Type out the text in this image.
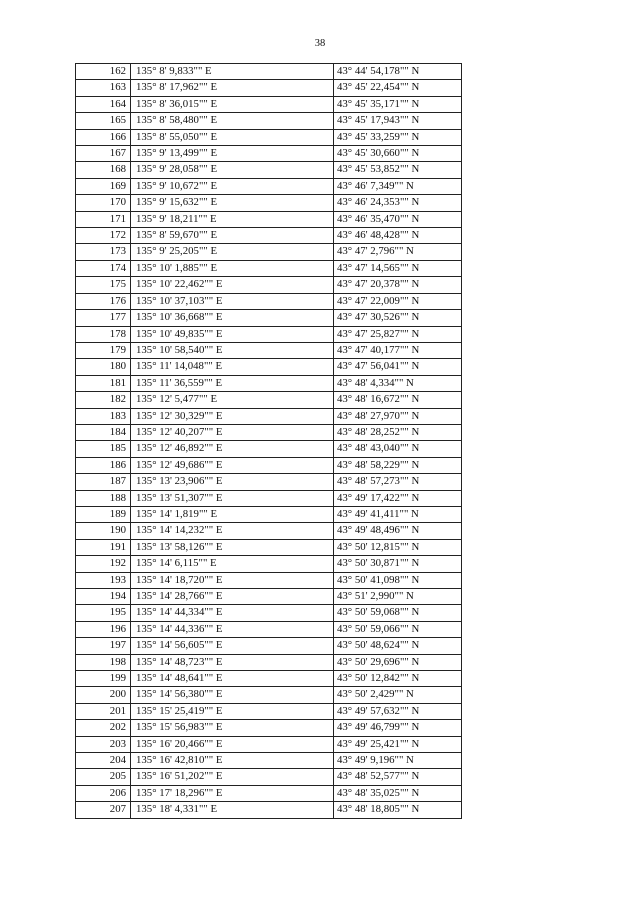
38
162	135° 8' 9,833"" E	43° 44' 54,178"" N
163	135° 8' 17,962"" E	43° 45' 22,454"" N
164	135° 8' 36,015"" E	43° 45' 35,171"" N
165	135° 8' 58,480"" E	43° 45' 17,943"" N
166	135° 8' 55,050"" E	43° 45' 33,259"" N
167	135° 9' 13,499"" E	43° 45' 30,660"" N
168	135° 9' 28,058"" E	43° 45' 53,852"" N
169	135° 9' 10,672"" E	43° 46' 7,349"" N
170	135° 9' 15,632"" E	43° 46' 24,353"" N
171	135° 9' 18,211"" E	43° 46' 35,470"" N
172	135° 8' 59,670"" E	43° 46' 48,428"" N
173	135° 9' 25,205"" E	43° 47' 2,796"" N
174	135° 10' 1,885"" E	43° 47' 14,565"" N
175	135° 10' 22,462"" E	43° 47' 20,378"" N
176	135° 10' 37,103"" E	43° 47' 22,009"" N
177	135° 10' 36,668"" E	43° 47' 30,526"" N
178	135° 10' 49,835"" E	43° 47' 25,827"" N
179	135° 10' 58,540"" E	43° 47' 40,177"" N
180	135° 11' 14,048"" E	43° 47' 56,041"" N
181	135° 11' 36,559"" E	43° 48' 4,334"" N
182	135° 12' 5,477"" E	43° 48' 16,672"" N
183	135° 12' 30,329"" E	43° 48' 27,970"" N
184	135° 12' 40,207"" E	43° 48' 28,252"" N
185	135° 12' 46,892"" E	43° 48' 43,040"" N
186	135° 12' 49,686"" E	43° 48' 58,229"" N
187	135° 13' 23,906"" E	43° 48' 57,273"" N
188	135° 13' 51,307"" E	43° 49' 17,422"" N
189	135° 14' 1,819"" E	43° 49' 41,411"" N
190	135° 14' 14,232"" E	43° 49' 48,496"" N
191	135° 13' 58,126"" E	43° 50' 12,815"" N
192	135° 14' 6,115"" E	43° 50' 30,871"" N
193	135° 14' 18,720"" E	43° 50' 41,098"" N
194	135° 14' 28,766"" E	43° 51' 2,990"" N
195	135° 14' 44,334"" E	43° 50' 59,068"" N
196	135° 14' 44,336"" E	43° 50' 59,066"" N
197	135° 14' 56,605"" E	43° 50' 48,624"" N
198	135° 14' 48,723"" E	43° 50' 29,696"" N
199	135° 14' 48,641"" E	43° 50' 12,842"" N
200	135° 14' 56,380"" E	43° 50' 2,429"" N
201	135° 15' 25,419"" E	43° 49' 57,632"" N
202	135° 15' 56,983"" E	43° 49' 46,799"" N
203	135° 16' 20,466"" E	43° 49' 25,421"" N
204	135° 16' 42,810"" E	43° 49' 9,196"" N
205	135° 16' 51,202"" E	43° 48' 52,577"" N
206	135° 17' 18,296"" E	43° 48' 35,025"" N
207	135° 18' 4,331"" E	43° 48' 18,805"" N
